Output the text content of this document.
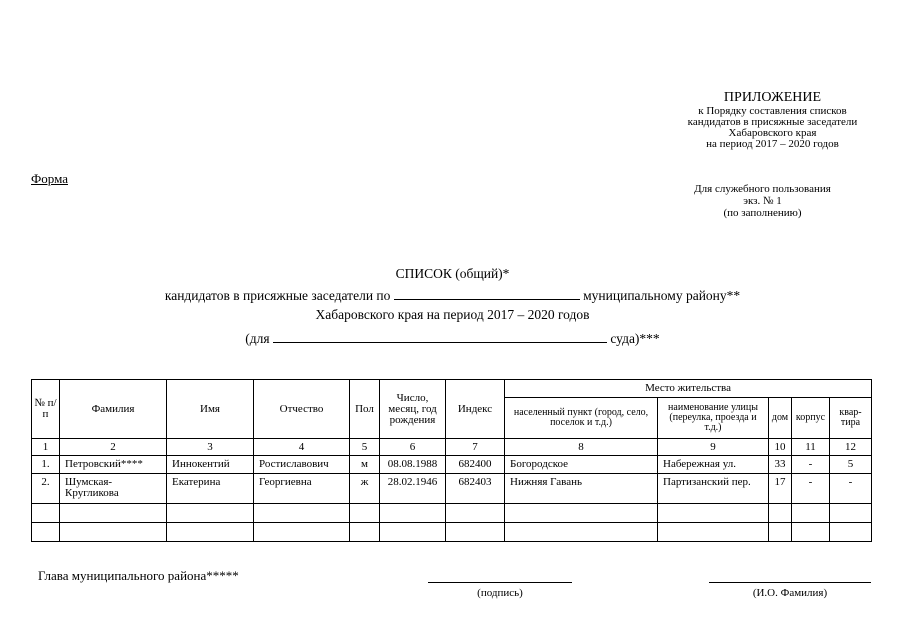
ПРИЛОЖЕНИЕ
к Порядку составления списков
кандидатов в присяжные заседатели
Хабаровского края
на период 2017 – 2020 годов
Форма
Для служебного пользования
экз. № 1
(по заполнению)
СПИСОК (общий)*
кандидатов в присяжные заседатели по	муниципальному району**
Хабаровского края на период 2017 – 2020 годов
(для	суда)***
№ п/п	Фамилия	Имя	Отчество	Пол	Число, месяц, год рождения	Индекс	Место жительства				
							населенный пункт (город, село, поселок и т.д.)	наименование улицы (переулка, проезда и т.д.)	дом	корпус	квар-тира
1	2	3	4	5	6	7	8	9	10	11	12
1.	Петровский****	Иннокентий	Ростиславович	м	08.08.1988	682400	Богородское	Набережная ул.	33	-	5
2.	Шумская-Кругликова	Екатерина	Георгиевна	ж	28.02.1946	682403	Нижняя Гавань	Партизанский пер.	17	-	-

Глава муниципального района*****
(подпись)	(И.О. Фамилия)
